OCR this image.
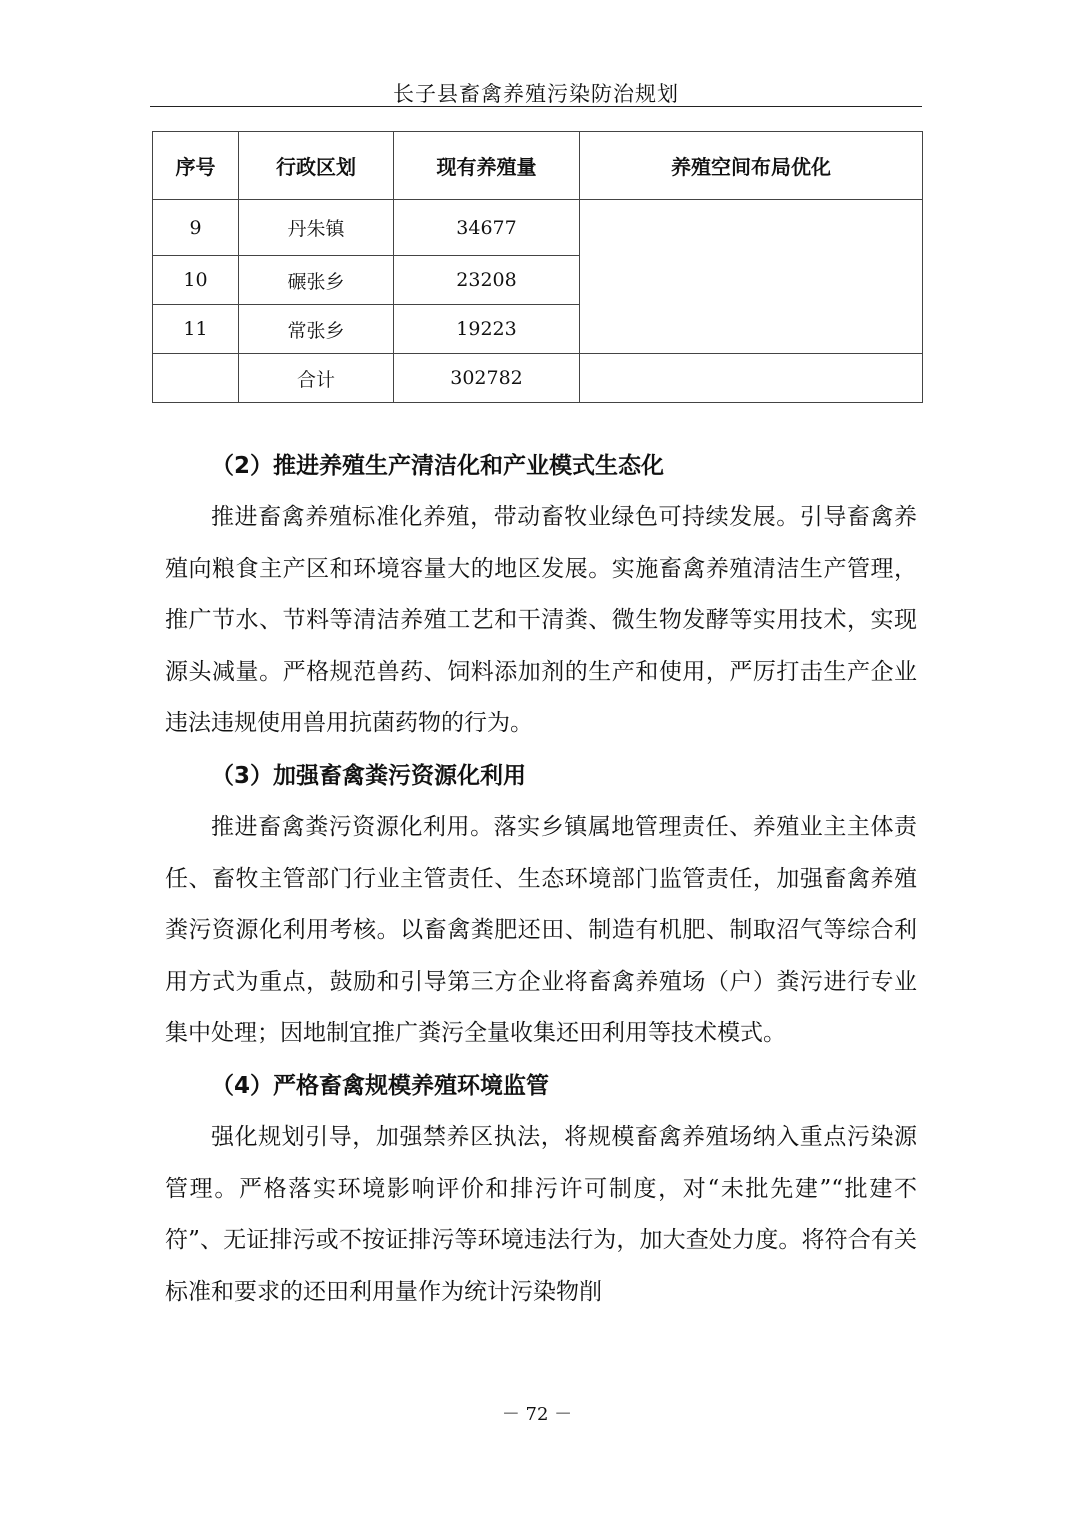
长子县畜禽养殖污染防治规划
序号	行政区划	现有养殖量	养殖空间布局优化
9	丹朱镇	34677	
10	碾张乡	23208	
11	常张乡	19223	
	合计	302782	
（2）推进养殖生产清洁化和产业模式生态化

推进畜禽养殖标准化养殖，带动畜牧业绿色可持续发展。引导畜禽养殖向粮食主产区和环境容量大的地区发展。实施畜禽养殖清洁生产管理，推广节水、节料等清洁养殖工艺和干清粪、微生物发酵等实用技术，实现源头减量。严格规范兽药、饲料添加剂的生产和使用，严厉打击生产企业违法违规使用兽用抗菌药物的行为。

（3）加强畜禽粪污资源化利用

推进畜禽粪污资源化利用。落实乡镇属地管理责任、养殖业主主体责任、畜牧主管部门行业主管责任、生态环境部门监管责任，加强畜禽养殖粪污资源化利用考核。以畜禽粪肥还田、制造有机肥、制取沼气等综合利用方式为重点，鼓励和引导第三方企业将畜禽养殖场（户）粪污进行专业集中处理；因地制宜推广粪污全量收集还田利用等技术模式。

（4）严格畜禽规模养殖环境监管

强化规划引导，加强禁养区执法，将规模畜禽养殖场纳入重点污染源管理。严格落实环境影响评价和排污许可制度，对“未批先建”“批建不符”、无证排污或不按证排污等环境违法行为，加大查处力度。将符合有关标准和要求的还田利用量作为统计污染物削

－ 72 －
